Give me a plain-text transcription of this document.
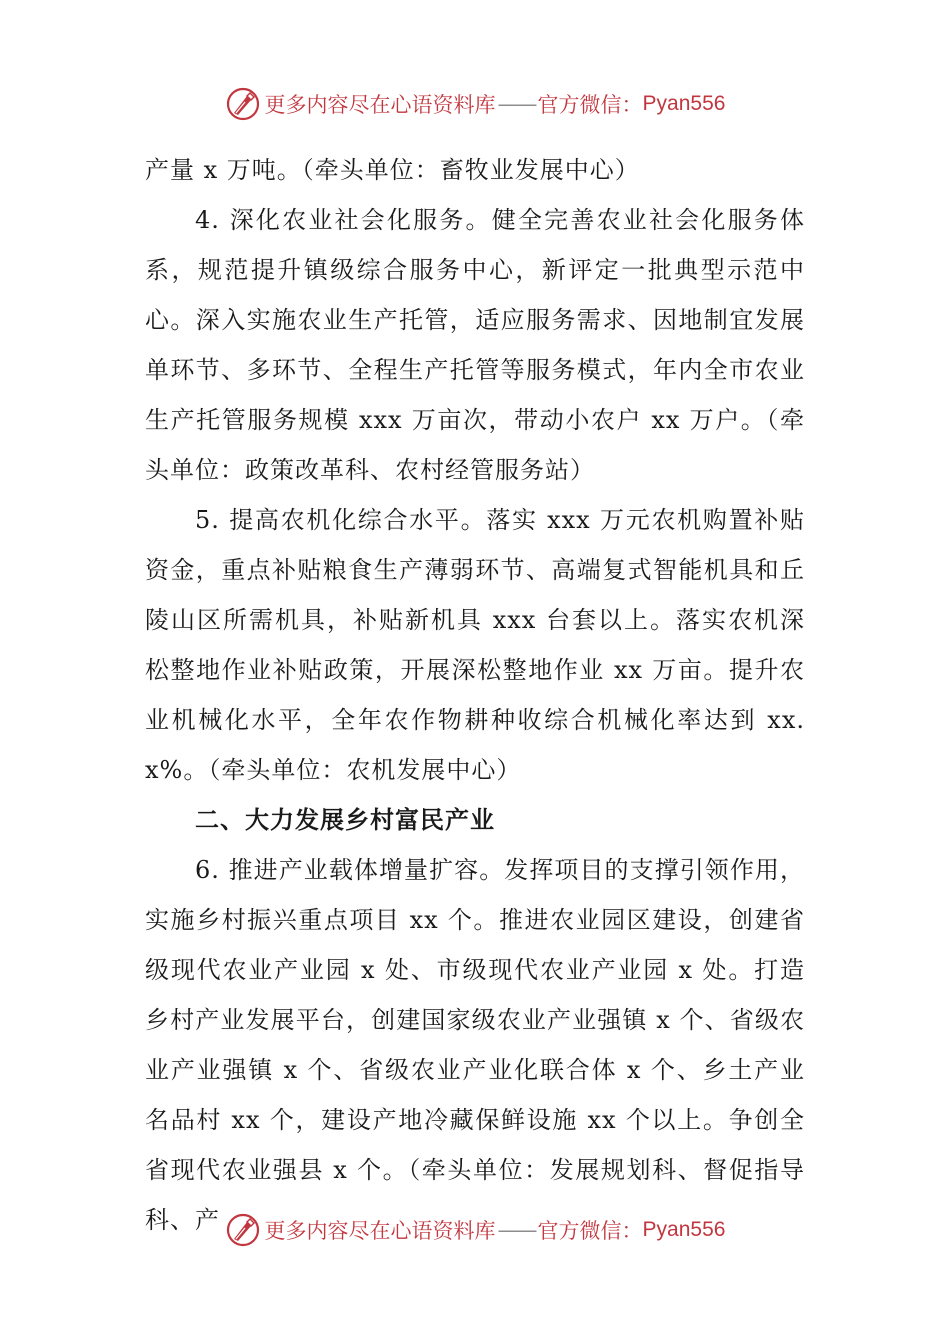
更多内容尽在心语资料库 —— 官方微信： Pyan556

产量 x 万吨。（牵头单位：畜牧业发展中心）

4. 深化农业社会化服务。健全完善农业社会化服务体系，规范提升镇级综合服务中心，新评定一批典型示范中心。深入实施农业生产托管，适应服务需求、因地制宜发展单环节、多环节、全程生产托管等服务模式，年内全市农业生产托管服务规模 xxx 万亩次，带动小农户 xx 万户。（牵头单位：政策改革科、农村经管服务站）

5. 提高农机化综合水平。落实 xxx 万元农机购置补贴资金，重点补贴粮食生产薄弱环节、高端复式智能机具和丘陵山区所需机具，补贴新机具 xxx 台套以上。落实农机深松整地作业补贴政策，开展深松整地作业 xx 万亩。提升农业机械化水平，全年农作物耕种收综合机械化率达到 xx. x%。（牵头单位：农机发展中心）

二、大力发展乡村富民产业

6. 推进产业载体增量扩容。发挥项目的支撑引领作用，实施乡村振兴重点项目 xx 个。推进农业园区建设，创建省级现代农业产业园 x 处、市级现代农业产业园 x 处。打造乡村产业发展平台，创建国家级农业产业强镇 x 个、省级农业产业强镇 x 个、省级农业产业化联合体 x 个、乡土产业名品村 xx 个，建设产地冷藏保鲜设施 xx 个以上。争创全省现代农业强县 x 个。（牵头单位：发展规划科、督促指导科、产	更多内容尽在心语资料库 —— 官方微信： Pyan556
